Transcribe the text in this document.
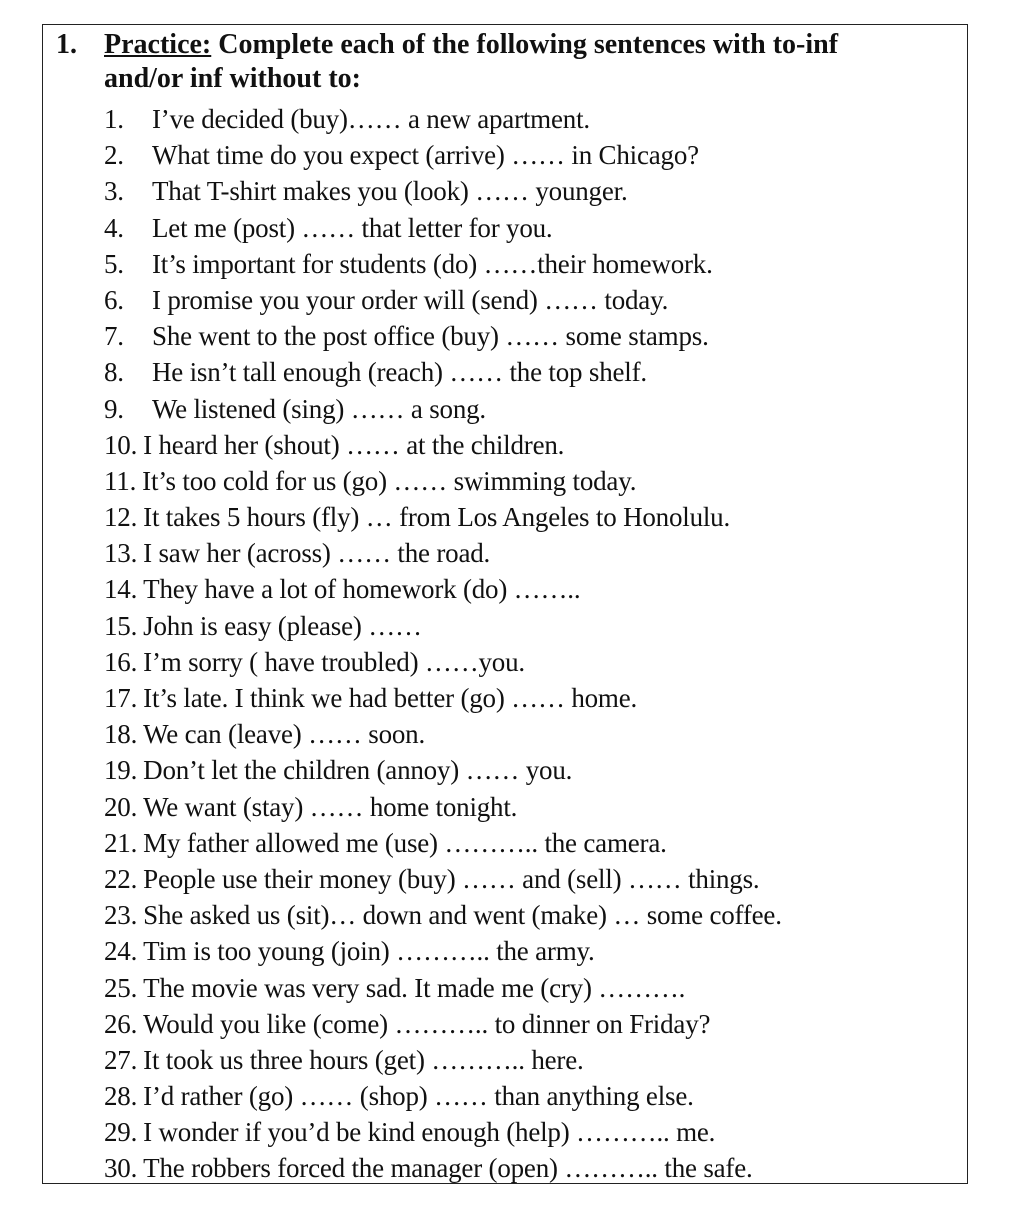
1. Practice: Complete each of the following sentences with to-inf
and/or inf without to:
1. I’ve decided (buy)…… a new apartment.
2. What time do you expect (arrive) …… in Chicago?
3. That T-shirt makes you (look) …… younger.
4. Let me (post) …… that letter for you.
5. It’s important for students (do) ……their homework.
6. I promise you your order will (send) …… today.
7. She went to the post office (buy) …… some stamps.
8. He isn’t tall enough (reach) …… the top shelf.
9. We listened (sing) …… a song.
10. I heard her (shout) …… at the children.
11. It’s too cold for us (go) …… swimming today.
12. It takes 5 hours (fly) … from Los Angeles to Honolulu.
13. I saw her (across) …… the road.
14. They have a lot of homework (do) ……..
15. John is easy (please) ……
16. I’m sorry ( have troubled) ……you.
17. It’s late. I think we had better (go) …… home.
18. We can (leave) …… soon.
19. Don’t let the children (annoy) …… you.
20. We want (stay) …… home tonight.
21. My father allowed me (use) ……….. the camera.
22. People use their money (buy) …… and (sell) …… things.
23. She asked us (sit)… down and went (make) … some coffee.
24. Tim is too young (join) ……….. the army.
25. The movie was very sad. It made me (cry) ……….
26. Would you like (come) ……….. to dinner on Friday?
27. It took us three hours (get) ……….. here.
28. I’d rather (go) …… (shop) …… than anything else.
29. I wonder if you’d be kind enough (help) ……….. me.
30. The robbers forced the manager (open) ……….. the safe.
